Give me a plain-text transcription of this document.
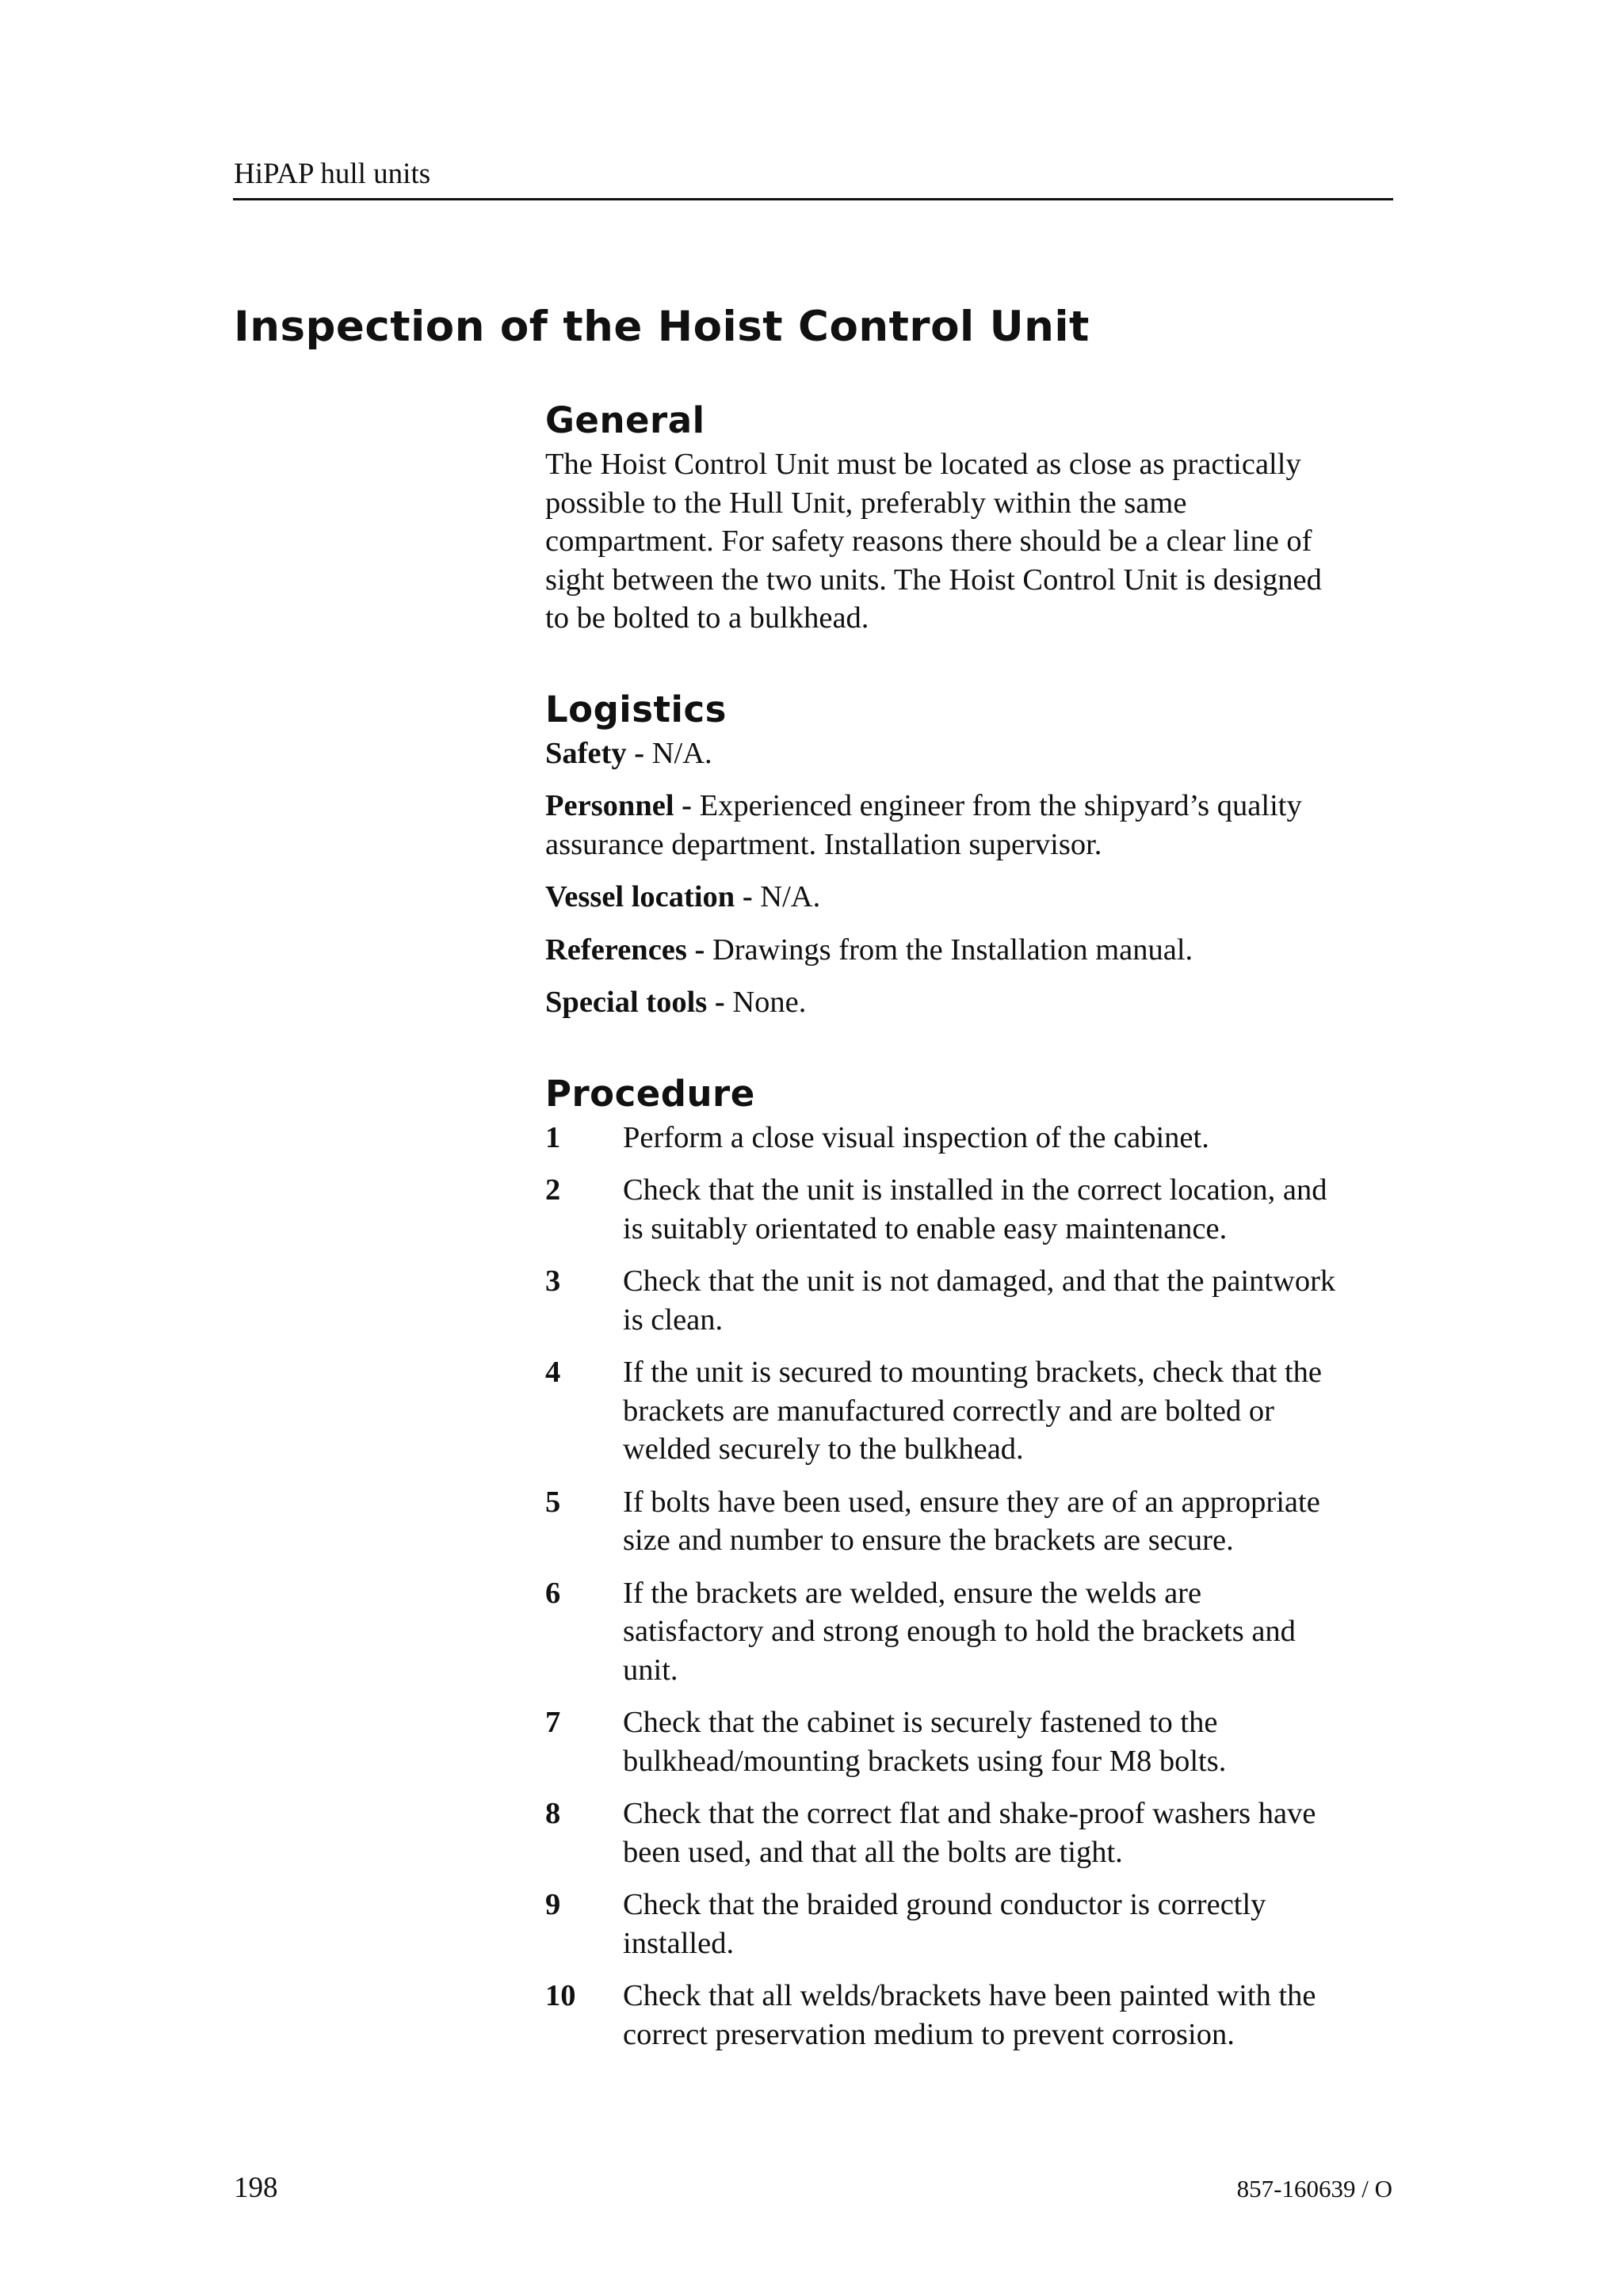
HiPAP hull units
Inspection of the Hoist Control Unit
General

The Hoist Control Unit must be located as close as practically
possible to the Hull Unit, preferably within the same
compartment. For safety reasons there should be a clear line of
sight between the two units. The Hoist Control Unit is designed
to be bolted to a bulkhead.

Logistics

Safety - N/A.

Personnel - Experienced engineer from the shipyard’s quality
assurance department. Installation supervisor.

Vessel location - N/A.

References - Drawings from the Installation manual.

Special tools - None.

Procedure
1	Perform a close visual inspection of the cabinet.
2	Check that the unit is installed in the correct location, and
is suitably orientated to enable easy maintenance.
3	Check that the unit is not damaged, and that the paintwork
is clean.
4	If the unit is secured to mounting brackets, check that the
brackets are manufactured correctly and are bolted or
welded securely to the bulkhead.
5	If bolts have been used, ensure they are of an appropriate
size and number to ensure the brackets are secure.
6	If the brackets are welded, ensure the welds are
satisfactory and strong enough to hold the brackets and
unit.
7	Check that the cabinet is securely fastened to the
bulkhead/mounting brackets using four M8 bolts.
8	Check that the correct flat and shake-proof washers have
been used, and that all the bolts are tight.
9	Check that the braided ground conductor is correctly
installed.
10	Check that all welds/brackets have been painted with the
correct preservation medium to prevent corrosion.
198	857-160639 / O
